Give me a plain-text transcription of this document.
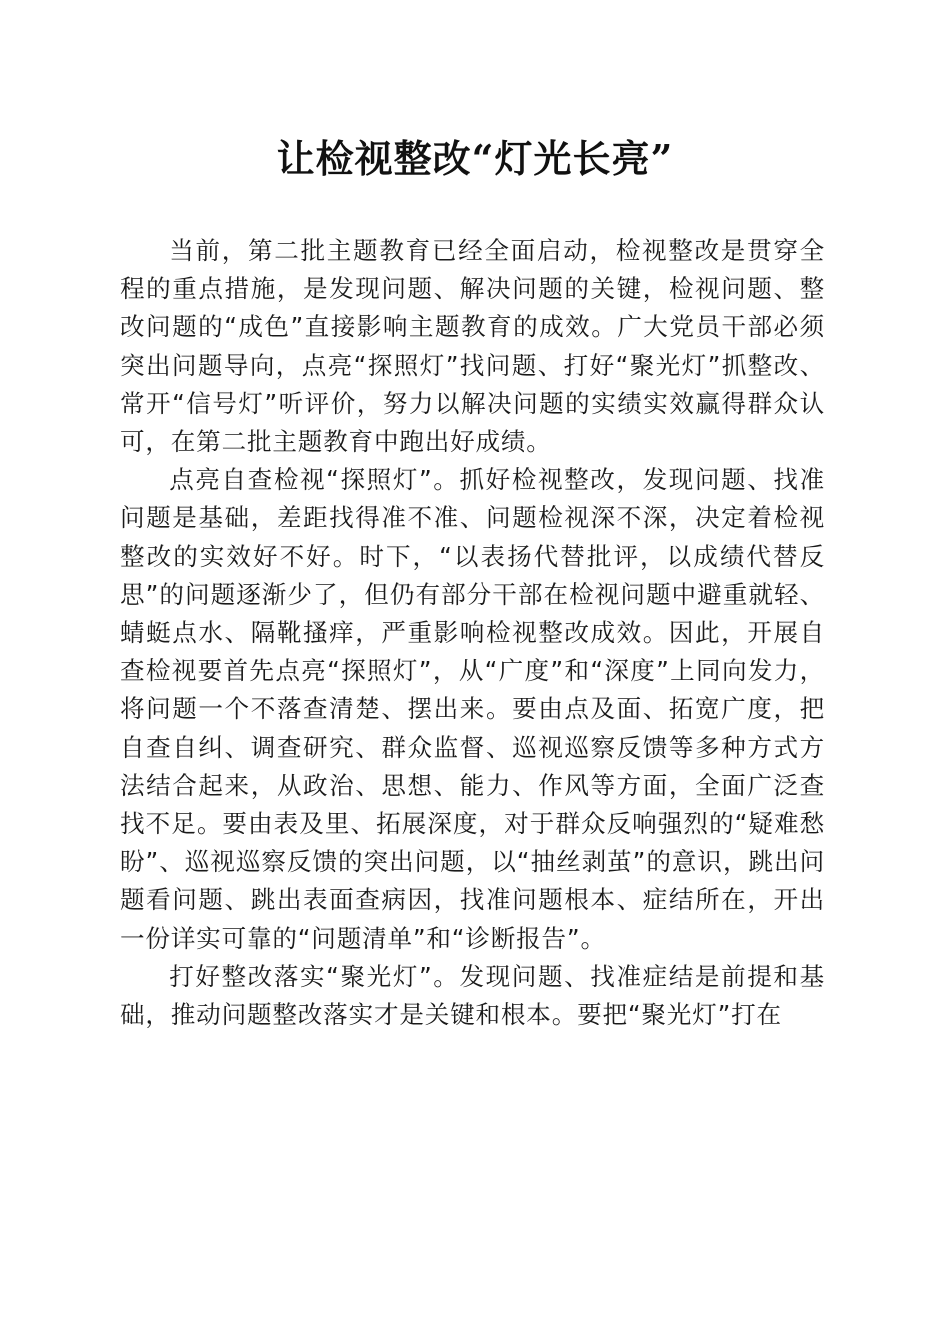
让检视整改“灯光长亮”

当前，第二批主题教育已经全面启动，检视整改是贯穿全程的重点措施，是发现问题、解决问题的关键，检视问题、整改问题的“成色”直接影响主题教育的成效。广大党员干部必须突出问题导向，点亮“探照灯”找问题、打好“聚光灯”抓整改、常开“信号灯”听评价，努力以解决问题的实绩实效赢得群众认可，在第二批主题教育中跑出好成绩。

点亮自查检视“探照灯”。抓好检视整改，发现问题、找准问题是基础，差距找得准不准、问题检视深不深，决定着检视整改的实效好不好。时下，“以表扬代替批评，以成绩代替反思”的问题逐渐少了，但仍有部分干部在检视问题中避重就轻、蜻蜓点水、隔靴搔痒，严重影响检视整改成效。因此，开展自查检视要首先点亮“探照灯”，从“广度”和“深度”上同向发力，将问题一个不落查清楚、摆出来。要由点及面、拓宽广度，把自查自纠、调查研究、群众监督、巡视巡察反馈等多种方式方法结合起来，从政治、思想、能力、作风等方面，全面广泛查找不足。要由表及里、拓展深度，对于群众反响强烈的“疑难愁盼”、巡视巡察反馈的突出问题，以“抽丝剥茧”的意识，跳出问题看问题、跳出表面查病因，找准问题根本、症结所在，开出一份详实可靠的“问题清单”和“诊断报告”。

打好整改落实“聚光灯”。发现问题、找准症结是前提和基础，推动问题整改落实才是关键和根本。要把“聚光灯”打在
